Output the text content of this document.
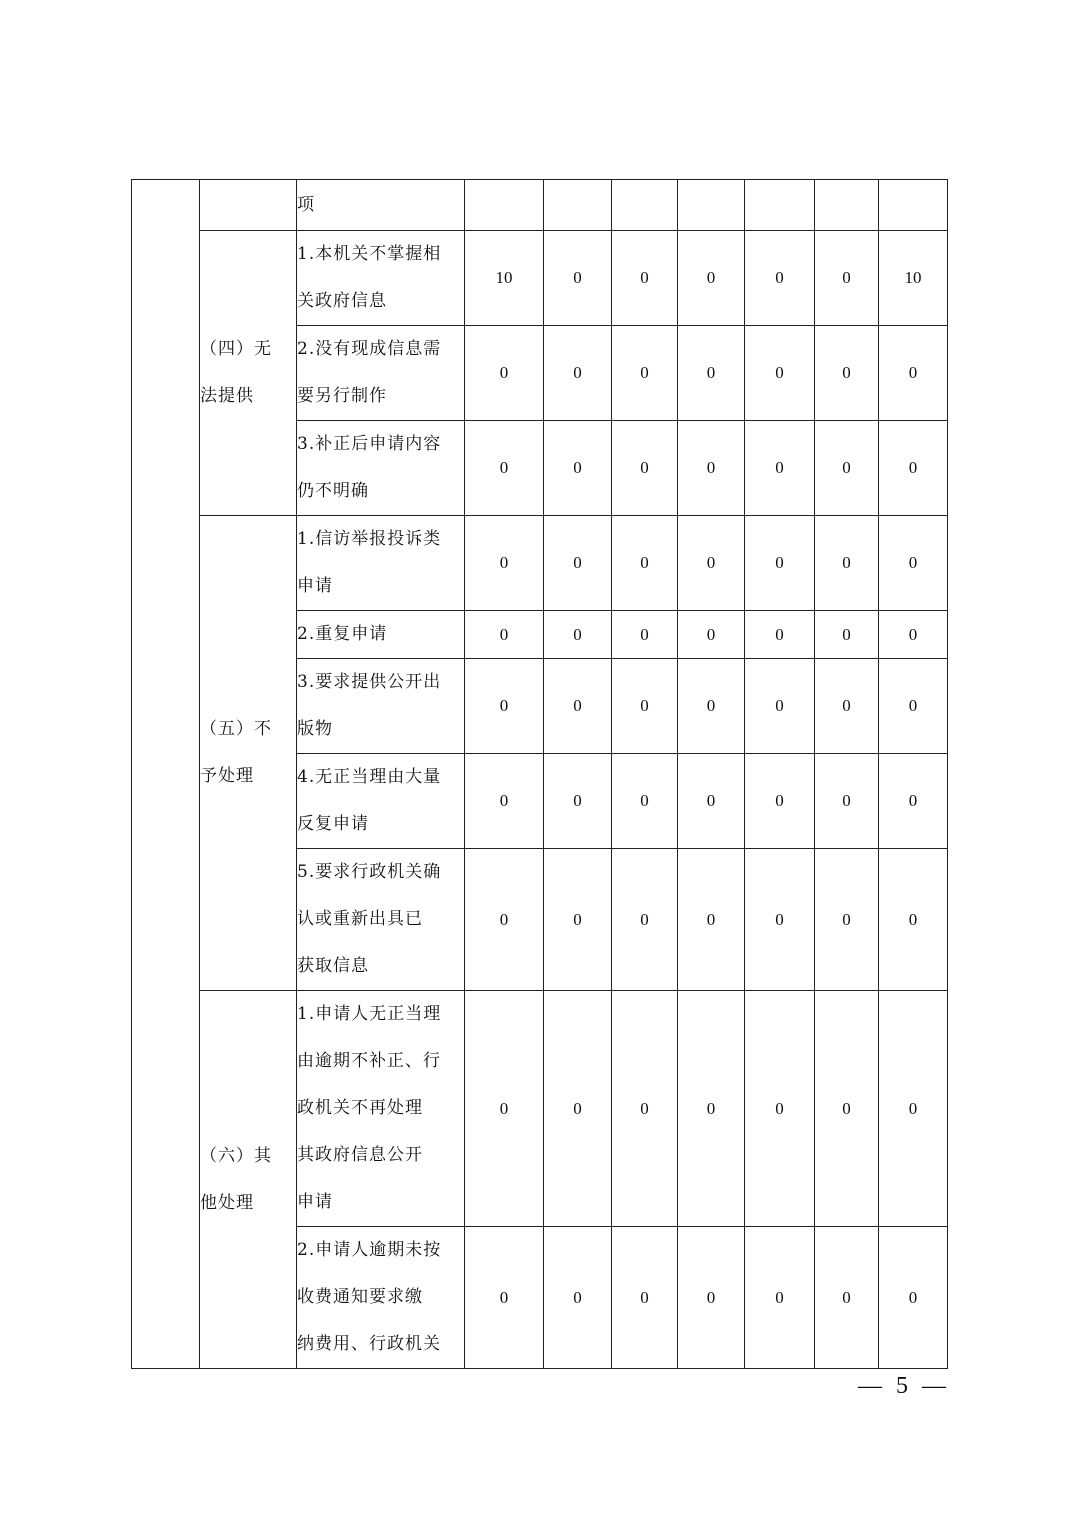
		项							

	（四）无
法提供	1.本机关不掌握相
关政府信息	10	0	0	0	0	0	10

		2.没有现成信息需
要另行制作	0	0	0	0	0	0	0

		3.补正后申请内容
仍不明确	0	0	0	0	0	0	0

	（五）不
予处理	1.信访举报投诉类
申请	0	0	0	0	0	0	0

		2.重复申请	0	0	0	0	0	0	0

		3.要求提供公开出
版物	0	0	0	0	0	0	0

		4.无正当理由大量
反复申请	0	0	0	0	0	0	0

		5.要求行政机关确
认或重新出具已
获取信息	0	0	0	0	0	0	0

	（六）其
他处理	1.申请人无正当理
由逾期不补正、行
政机关不再处理
其政府信息公开
申请	0	0	0	0	0	0	0

		2.申请人逾期未按
收费通知要求缴
纳费用、行政机关	0	0	0	0	0	0	0
— 5 —
